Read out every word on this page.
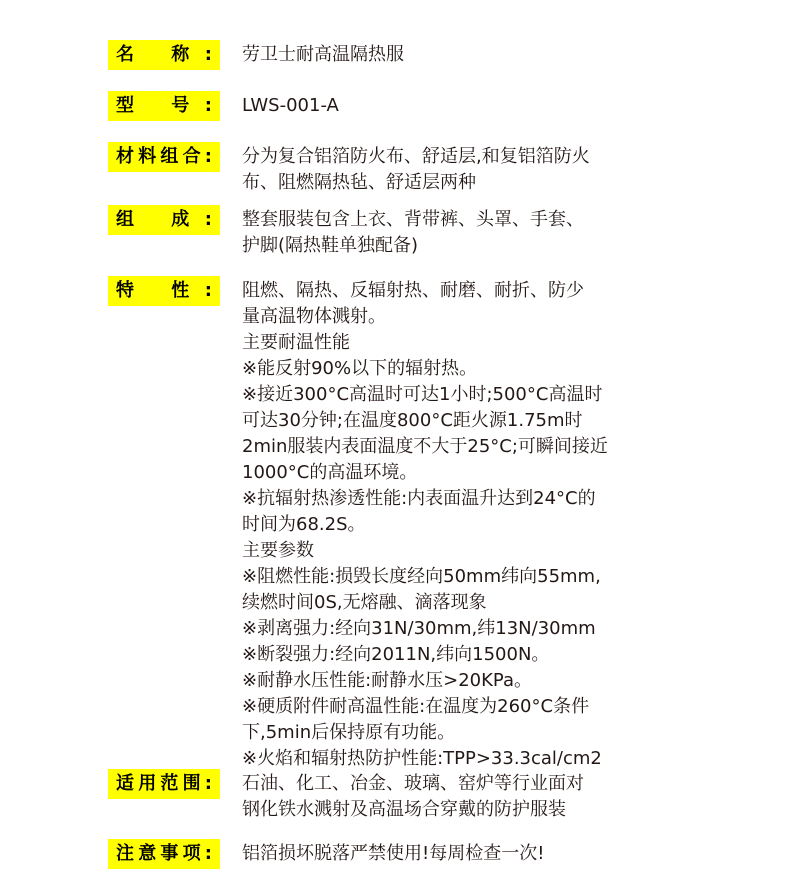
名 称: 劳卫士耐高温隔热服
型 号: LWS-001-A
材料组合: 分为复合铝箔防火布、舒适层,和复铝箔防火
布、阻燃隔热毡、舒适层两种
组 成: 整套服装包含上衣、背带裤、头罩、手套、
护脚(隔热鞋单独配备)
特 性: 阻燃、隔热、反辐射热、耐磨、耐折、防少
量高温物体溅射。
主要耐温性能
※能反射90%以下的辐射热。
※接近300°C高温时可达1小时;500°C高温时
可达30分钟;在温度800°C距火源1.75m时
2min服装内表面温度不大于25°C;可瞬间接近
1000°C的高温环境。
※抗辐射热渗透性能:内表面温升达到24°C的
时间为68.2S。
主要参数
※阻燃性能:损毁长度经向50mm纬向55mm,
续燃时间0S,无熔融、滴落现象
※剥离强力:经向31N/30mm,纬13N/30mm
※断裂强力:经向2011N,纬向1500N。
※耐静水压性能:耐静水压>20KPa。
※硬质附件耐高温性能:在温度为260°C条件
下,5min后保持原有功能。
※火焰和辐射热防护性能:TPP>33.3cal/cm2
适用范围: 石油、化工、冶金、玻璃、窑炉等行业面对
钢化铁水溅射及高温场合穿戴的防护服装
注意事项: 铝箔损坏脱落严禁使用!每周检查一次!
